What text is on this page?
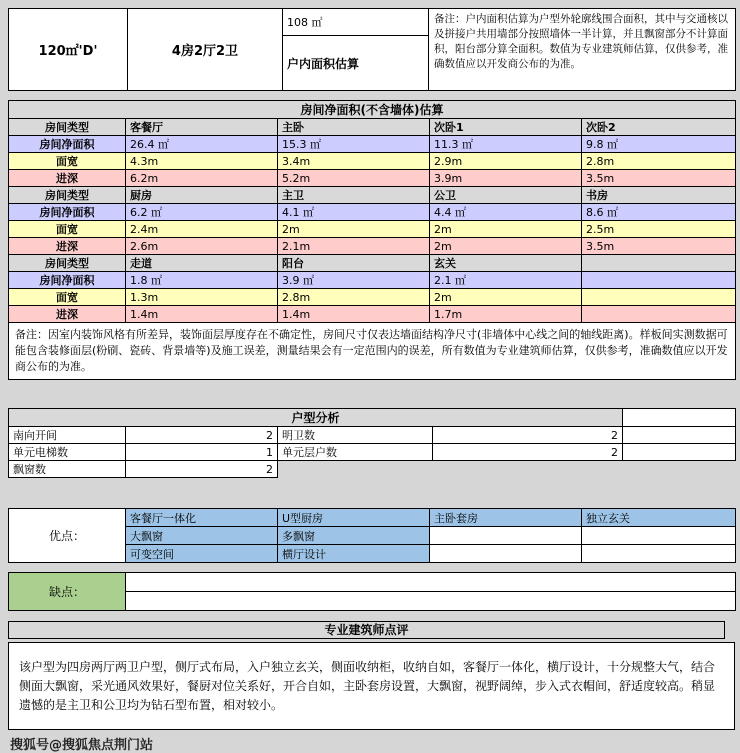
120㎡'D'	4房2厅2卫	108 ㎡	备注：户内面积估算为户型外轮廓线围合面积，其中与交通核以及拼接户共用墙部分按照墙体一半计算，并且飘窗部分不计算面积，阳台部分算全面积。数值为专业建筑师估算，仅供参考，准确数值应以开发商公布的为准。
户内面积估算
房间净面积(不含墙体)估算				
房间类型	客餐厅	主卧	次卧1	次卧2
房间净面积	26.4 ㎡	15.3 ㎡	11.3 ㎡	9.8 ㎡
面宽	4.3m	3.4m	2.9m	2.8m
进深	6.2m	5.2m	3.9m	3.5m
房间类型	厨房	主卫	公卫	书房
房间净面积	6.2 ㎡	4.1 ㎡	4.4 ㎡	8.6 ㎡
面宽	2.4m	2m	2m	2.5m
进深	2.6m	2.1m	2m	3.5m
房间类型	走道	阳台	玄关	
房间净面积	1.8 ㎡	3.9 ㎡	2.1 ㎡	
面宽	1.3m	2.8m	2m	
进深	1.4m	1.4m	1.7m	
备注：因室内装饰风格有所差异，装饰面层厚度存在不确定性，房间尺寸仅表达墙面结构净尺寸(非墙体中心线之间的轴线距离)。样板间实测数据可能包含装修面层(粉刷、瓷砖、背景墙等)及施工误差，测量结果会有一定范围内的误差，所有数值为专业建筑师估算，仅供参考，准确数值应以开发商公布的为准。				
户型分析				
南向开间	2	明卫数	2	
单元电梯数	1	单元层户数	2	
飘窗数	2			
优点：	客餐厅一体化	U型厨房	主卧套房	独立玄关
	大飘窗	多飘窗		
	可变空间	横厅设计		
缺点：	

专业建筑师点评
该户型为四房两厅两卫户型，侧厅式布局，入户独立玄关，侧面收纳柜，收纳自如，客餐厅一体化，横厅设计，十分规整大气，结合侧面大飘窗，采光通风效果好，餐厨对位关系好，开合自如，主卧套房设置，大飘窗，视野阔绰，步入式衣帽间，舒适度较高。稍显遗憾的是主卫和公卫均为钻石型布置，相对较小。
搜狐号@搜狐焦点荆门站
